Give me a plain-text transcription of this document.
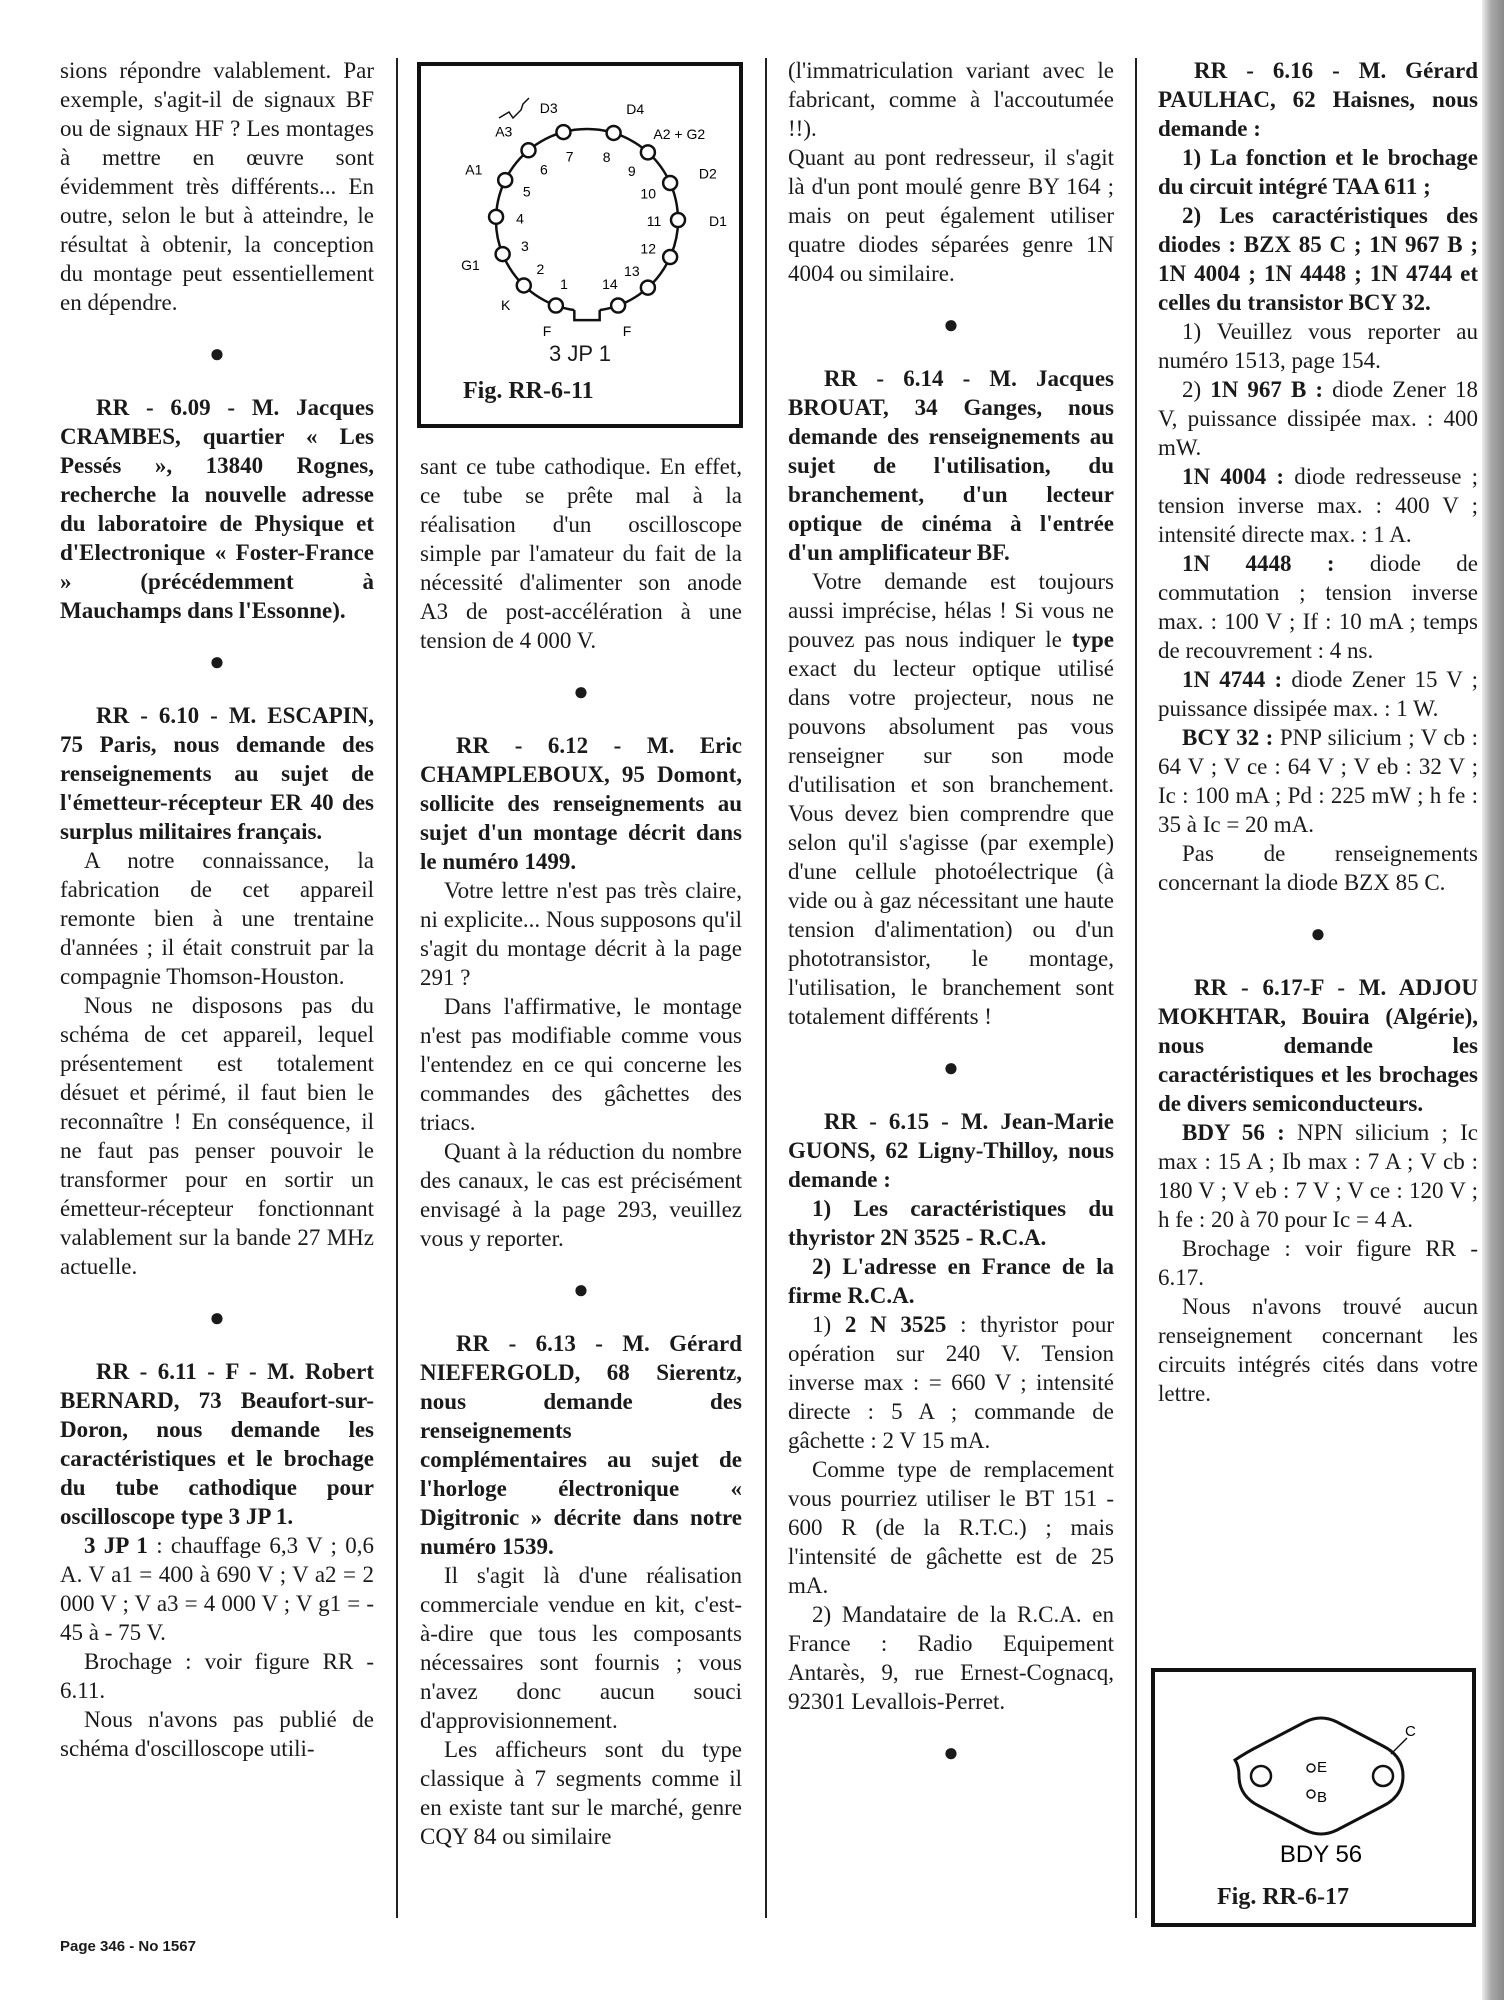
sions répondre valablement. Par exemple, s'agit-il de signaux BF ou de signaux HF ? Les montages à mettre en œuvre sont évidemment très différents... En outre, selon le but à atteindre, le résultat à obtenir, la conception du montage peut essentiellement en dépendre.

●

RR - 6.09 - M. Jacques CRAMBES, quartier « Les Pessés », 13840 Rognes, recherche la nouvelle adresse du laboratoire de Physique et d'Electronique « Foster-France » (précédemment à Mauchamps dans l'Essonne).

●

RR - 6.10 - M. ESCAPIN, 75 Paris, nous demande des renseignements au sujet de l'émetteur-récepteur ER 40 des surplus militaires français.

A notre connaissance, la fabrication de cet appareil remonte bien à une trentaine d'années ; il était construit par la compagnie Thomson-Houston.

Nous ne disposons pas du schéma de cet appareil, lequel présentement est totalement désuet et périmé, il faut bien le reconnaître ! En conséquence, il ne faut pas penser pouvoir le transformer pour en sortir un émetteur-récepteur fonctionnant valablement sur la bande 27 MHz actuelle.

●

RR - 6.11 - F - M. Robert BERNARD, 73 Beaufort-sur-Doron, nous demande les caractéristiques et le brochage du tube cathodique pour oscilloscope type 3 JP 1.

3 JP 1 : chauffage 6,3 V ; 0,6 A. V a1 = 400 à 690 V ; V a2 = 2 000 V ; V a3 = 4 000 V ; V g1 = - 45 à - 75 V.

Brochage : voir figure RR - 6.11.

Nous n'avons pas publié de schéma d'oscilloscope utili-

sant ce tube cathodique. En effet, ce tube se prête mal à la réalisation d'un oscilloscope simple par l'amateur du fait de la nécessité d'alimenter son anode A3 de post-accélération à une tension de 4 000 V.

●

RR - 6.12 - M. Eric CHAMPLEBOUX, 95 Domont, sollicite des renseignements au sujet d'un montage décrit dans le numéro 1499.

Votre lettre n'est pas très claire, ni explicite... Nous supposons qu'il s'agit du montage décrit à la page 291 ?

Dans l'affirmative, le montage n'est pas modifiable comme vous l'entendez en ce qui concerne les commandes des gâchettes des triacs.

Quant à la réduction du nombre des canaux, le cas est précisément envisagé à la page 293, veuillez vous y reporter.

●

RR - 6.13 - M. Gérard NIEFERGOLD, 68 Sierentz, nous demande des renseignements complémentaires au sujet de l'horloge électronique « Digitronic » décrite dans notre numéro 1539.

Il s'agit là d'une réalisation commerciale vendue en kit, c'est-à-dire que tous les composants nécessaires sont fournis ; vous n'avez donc aucun souci d'approvisionnement.

Les afficheurs sont du type classique à 7 segments comme il en existe tant sur le marché, genre CQY 84 ou similaire

(l'immatriculation variant avec le fabricant, comme à l'accoutumée !!).

Quant au pont redresseur, il s'agit là d'un pont moulé genre BY 164 ; mais on peut également utiliser quatre diodes séparées genre 1N 4004 ou similaire.

●

RR - 6.14 - M. Jacques BROUAT, 34 Ganges, nous demande des renseignements au sujet de l'utilisation, du branchement, d'un lecteur optique de cinéma à l'entrée d'un amplificateur BF.

Votre demande est toujours aussi imprécise, hélas ! Si vous ne pouvez pas nous indiquer le type exact du lecteur optique utilisé dans votre projecteur, nous ne pouvons absolument pas vous renseigner sur son mode d'utilisation et son branchement. Vous devez bien comprendre que selon qu'il s'agisse (par exemple) d'une cellule photoélectrique (à vide ou à gaz nécessitant une haute tension d'alimentation) ou d'un phototransistor, le montage, l'utilisation, le branchement sont totalement différents !

●

RR - 6.15 - M. Jean-Marie GUONS, 62 Ligny-Thilloy, nous demande :

1) Les caractéristiques du thyristor 2N 3525 - R.C.A.

2) L'adresse en France de la firme R.C.A.

1) 2 N 3525 : thyristor pour opération sur 240 V. Tension inverse max : = 660 V ; intensité directe : 5 A ; commande de gâchette : 2 V 15 mA.

Comme type de remplacement vous pourriez utiliser le BT 151 - 600 R (de la R.T.C.) ; mais l'intensité de gâchette est de 25 mA.

2) Mandataire de la R.C.A. en France : Radio Equipement Antarès, 9, rue Ernest-Cognacq, 92301 Levallois-Perret.

●

RR - 6.16 - M. Gérard PAULHAC, 62 Haisnes, nous demande :

1) La fonction et le brochage du circuit intégré TAA 611 ;

2) Les caractéristiques des diodes : BZX 85 C ; 1N 967 B ; 1N 4004 ; 1N 4448 ; 1N 4744 et celles du transistor BCY 32.

1) Veuillez vous reporter au numéro 1513, page 154.

2) 1N 967 B : diode Zener 18 V, puissance dissipée max. : 400 mW.

1N 4004 : diode redresseuse ; tension inverse max. : 400 V ; intensité directe max. : 1 A.

1N 4448 : diode de commutation ; tension inverse max. : 100 V ; If : 10 mA ; temps de recouvrement : 4 ns.

1N 4744 : diode Zener 15 V ; puissance dissipée max. : 1 W.

BCY 32 : PNP silicium ; V cb : 64 V ; V ce : 64 V ; V eb : 32 V ; Ic : 100 mA ; Pd : 225 mW ; h fe : 35 à Ic = 20 mA.

Pas de renseignements concernant la diode BZX 85 C.

●

RR - 6.17-F - M. ADJOU MOKHTAR, Bouira (Algérie), nous demande les caractéristiques et les brochages de divers semiconducteurs.

BDY 56 : NPN silicium ; Ic max : 15 A ; Ib max : 7 A ; V cb : 180 V ; V eb : 7 V ; V ce : 120 V ; h fe : 20 à 70 pour Ic = 4 A.

Brochage : voir figure RR - 6.17.

Nous n'avons trouvé aucun renseignement concernant les circuits intégrés cités dans votre lettre.

1
F
2
K
3
G1
4
5
A1	6
A3
7
D3
8
D4
9
A2 + G2
10
D2
11	D1
12
13
14
F
3 JP 1
Fig. RR-6-11
E
B
C
BDY 56
Fig. RR-6-17
Page 346 - No 1567
